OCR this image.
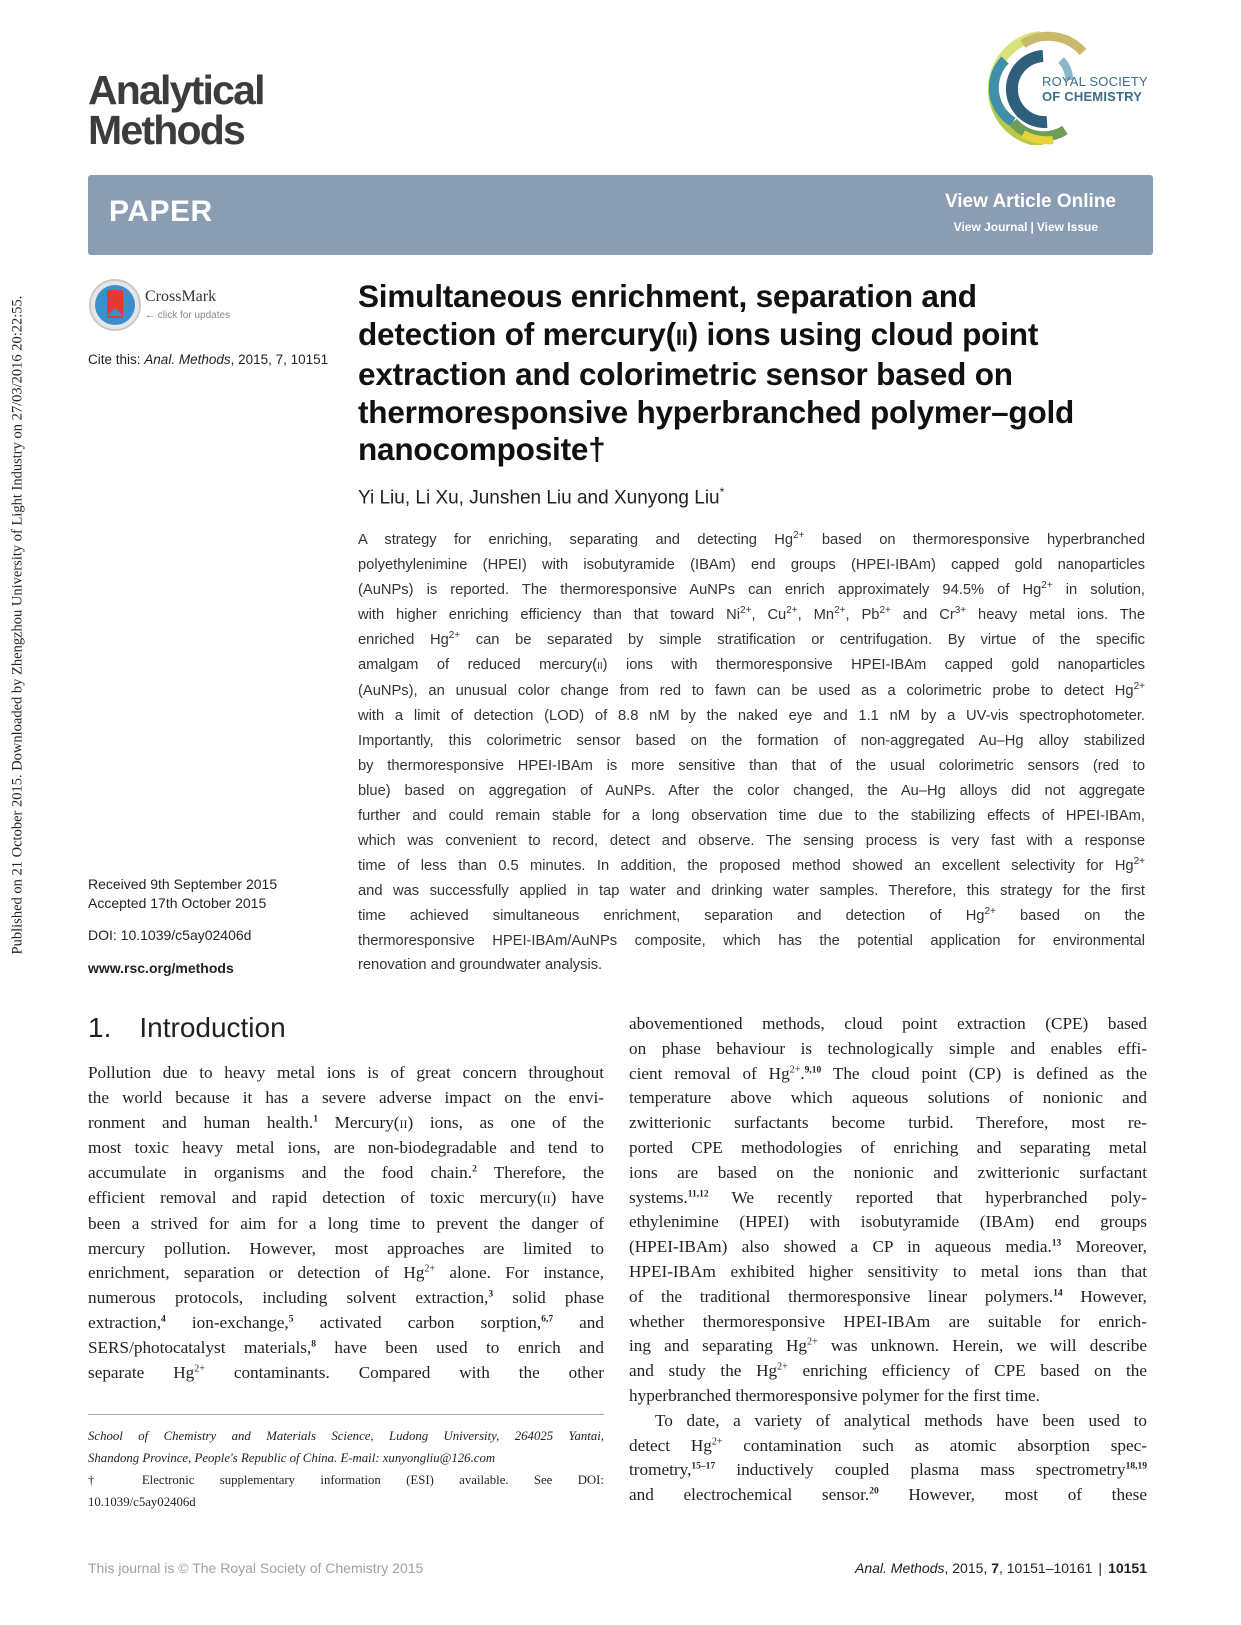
Published on 21 October 2015. Downloaded by Zhengzhou University of Light Industry on 27/03/2016 20:22:55.
Analytical
Methods
ROYAL SOCIETY
OF CHEMISTRY
PAPER	View Article Online
View Journal | View Issue
CrossMark
← click for updates
Cite this: Anal. Methods, 2015, 7, 10151
Simultaneous enrichment, separation and
detection of mercury(II) ions using cloud point
extraction and colorimetric sensor based on
thermoresponsive hyperbranched polymer–gold
nanocomposite†
Yi Liu, Li Xu, Junshen Liu and Xunyong Liu*
A strategy for enriching, separating and detecting $Hg^{2+}$ based on thermoresponsive hyperbranched
polyethylenimine (HPEI) with isobutyramide (IBAm) end groups (HPEI-IBAm) capped gold nanoparticles
(AuNPs) is reported. The thermoresponsive AuNPs can enrich approximately 94.5% of $Hg^{2+}$ in solution,
with higher enriching efficiency than that toward $Ni^{2+}$, $Cu^{2+}$, $Mn^{2+}$, $Pb^{2+}$ and $Cr^{3+}$ heavy metal ions. The
enriched $Hg^{2+}$ can be separated by simple stratification or centrifugation. By virtue of the specific
amalgam of reduced mercury(II) ions with thermoresponsive HPEI-IBAm capped gold nanoparticles
(AuNPs), an unusual color change from red to fawn can be used as a colorimetric probe to detect $Hg^{2+}$
with a limit of detection (LOD) of 8.8 nM by the naked eye and 1.1 nM by a UV-vis spectrophotometer.
Importantly, this colorimetric sensor based on the formation of non-aggregated Au–Hg alloy stabilized
by thermoresponsive HPEI-IBAm is more sensitive than that of the usual colorimetric sensors (red to
blue) based on aggregation of AuNPs. After the color changed, the Au–Hg alloys did not aggregate
further and could remain stable for a long observation time due to the stabilizing effects of HPEI-IBAm,
which was convenient to record, detect and observe. The sensing process is very fast with a response
time of less than 0.5 minutes. In addition, the proposed method showed an excellent selectivity for $Hg^{2+}$
and was successfully applied in tap water and drinking water samples. Therefore, this strategy for the first
time achieved simultaneous enrichment, separation and detection of $Hg^{2+}$ based on the
thermoresponsive HPEI-IBAm/AuNPs composite, which has the potential application for environmental
renovation and groundwater analysis.
Received 9th September 2015
Accepted 17th October 2015
DOI: 10.1039/c5ay02406d
www.rsc.org/methods
1. Introduction
Pollution due to heavy metal ions is of great concern throughout
the world because it has a severe adverse impact on the envi-
ronment and human health.$^1$ Mercury(II) ions, as one of the
most toxic heavy metal ions, are non-biodegradable and tend to
accumulate in organisms and the food chain.$^2$ Therefore, the
efficient removal and rapid detection of toxic mercury(II) have
been a strived for aim for a long time to prevent the danger of
mercury pollution. However, most approaches are limited to
enrichment, separation or detection of $Hg^{2+}$ alone. For instance,
numerous protocols, including solvent extraction,$^3$ solid phase
extraction,$^4$ ion-exchange,$^5$ activated carbon sorption,$^{6,7}$ and
SERS/photocatalyst materials,$^8$ have been used to enrich and
separate $Hg^{2+}$ contaminants. Compared with the other
abovementioned methods, cloud point extraction (CPE) based
on phase behaviour is technologically simple and enables effi-
cient removal of $Hg^{2+}.^{9,10}$ The cloud point (CP) is defined as the
temperature above which aqueous solutions of nonionic and
zwitterionic surfactants become turbid. Therefore, most re-
ported CPE methodologies of enriching and separating metal
ions are based on the nonionic and zwitterionic surfactant
systems.$^{11,12}$ We recently reported that hyperbranched poly-
ethylenimine (HPEI) with isobutyramide (IBAm) end groups
(HPEI-IBAm) also showed a CP in aqueous media.$^{13}$ Moreover,
HPEI-IBAm exhibited higher sensitivity to metal ions than that
of the traditional thermoresponsive linear polymers.$^{14}$ However,
whether thermoresponsive HPEI-IBAm are suitable for enrich-
ing and separating $Hg^{2+}$ was unknown. Herein, we will describe
and study the $Hg^{2+}$ enriching efficiency of CPE based on the
hyperbranched thermoresponsive polymer for the first time.
To date, a variety of analytical methods have been used to
detect $Hg^{2+}$ contamination such as atomic absorption spec-
trometry,$^{15-17}$ inductively coupled plasma mass spectrometry$^{18,19}$
and electrochemical sensor.$^{20}$ However, most of these
School of Chemistry and Materials Science, Ludong University, 264025 Yantai,
Shandong Province, People's Republic of China. E-mail: xunyongliu@126.com
† Electronic supplementary information (ESI) available. See DOI:
10.1039/c5ay02406d
This journal is © The Royal Society of Chemistry 2015	Anal. Methods, 2015, 7, 10151–10161 | 10151
